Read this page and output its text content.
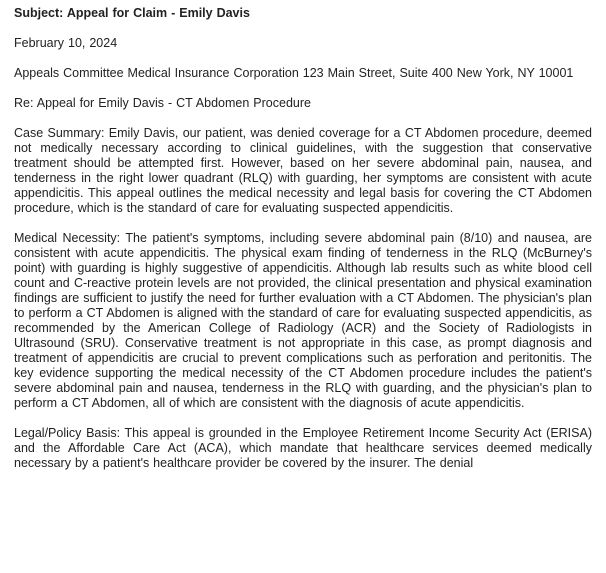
Subject: Appeal for Claim - Emily Davis

February 10, 2024

Appeals Committee Medical Insurance Corporation 123 Main Street, Suite 400 New York, NY 10001

Re: Appeal for Emily Davis - CT Abdomen Procedure

Case Summary: Emily Davis, our patient, was denied coverage for a CT Abdomen procedure, deemed not medically necessary according to clinical guidelines, with the suggestion that conservative treatment should be attempted first. However, based on her severe abdominal pain, nausea, and tenderness in the right lower quadrant (RLQ) with guarding, her symptoms are consistent with acute appendicitis. This appeal outlines the medical necessity and legal basis for covering the CT Abdomen procedure, which is the standard of care for evaluating suspected appendicitis.

Medical Necessity: The patient's symptoms, including severe abdominal pain (8/10) and nausea, are consistent with acute appendicitis. The physical exam finding of tenderness in the RLQ (McBurney's point) with guarding is highly suggestive of appendicitis. Although lab results such as white blood cell count and C-reactive protein levels are not provided, the clinical presentation and physical examination findings are sufficient to justify the need for further evaluation with a CT Abdomen. The physician's plan to perform a CT Abdomen is aligned with the standard of care for evaluating suspected appendicitis, as recommended by the American College of Radiology (ACR) and the Society of Radiologists in Ultrasound (SRU). Conservative treatment is not appropriate in this case, as prompt diagnosis and treatment of appendicitis are crucial to prevent complications such as perforation and peritonitis. The key evidence supporting the medical necessity of the CT Abdomen procedure includes the patient's severe abdominal pain and nausea, tenderness in the RLQ with guarding, and the physician's plan to perform a CT Abdomen, all of which are consistent with the diagnosis of acute appendicitis.

Legal/Policy Basis: This appeal is grounded in the Employee Retirement Income Security Act (ERISA) and the Affordable Care Act (ACA), which mandate that healthcare services deemed medically necessary by a patient's healthcare provider be covered by the insurer. The denial
